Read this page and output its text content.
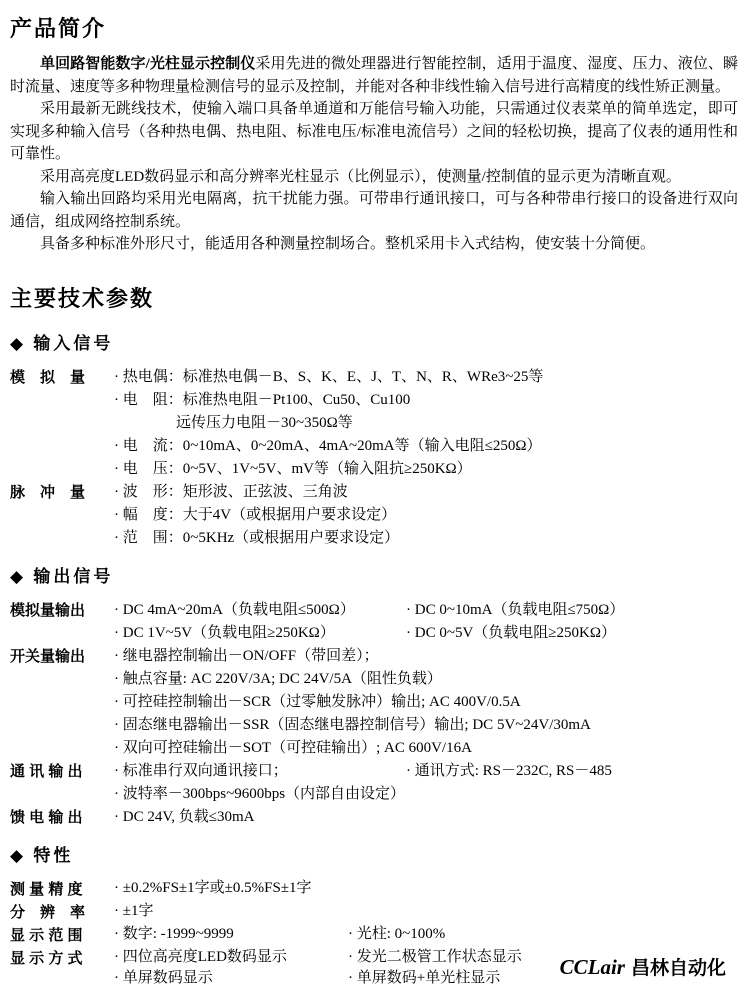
产品简介

单回路智能数字/光柱显示控制仪采用先进的微处理器进行智能控制，适用于温度、湿度、压力、液位、瞬时流量、速度等多种物理量检测信号的显示及控制，并能对各种非线性输入信号进行高精度的线性矫正测量。

采用最新无跳线技术，使输入端口具备单通道和万能信号输入功能，只需通过仪表菜单的简单选定，即可实现多种输入信号（各种热电偶、热电阻、标准电压/标准电流信号）之间的轻松切换，提高了仪表的通用性和可靠性。

采用高亮度LED数码显示和高分辨率光柱显示（比例显示），使测量/控制值的显示更为清晰直观。

输入输出回路均采用光电隔离，抗干扰能力强。可带串行通讯接口，可与各种带串行接口的设备进行双向通信，组成网络控制系统。

具备多种标准外形尺寸，能适用各种测量控制场合。整机采用卡入式结构，使安装十分简便。

主要技术参数
◆ 输入信号
模　拟　量	· 热电偶：标准热电偶－B、S、K、E、J、T、N、R、WRe3~25等
· 电　阻：标准热电阻－Pt100、Cu50、Cu100
远传压力电阻－30~350Ω等
· 电　流：0~10mA、0~20mA、4mA~20mA等（输入电阻≤250Ω）
· 电　压：0~5V、1V~5V、mV等（输入阻抗≥250KΩ）
脉　冲　量	· 波　形：矩形波、正弦波、三角波
· 幅　度：大于4V（或根据用户要求设定）
· 范　围：0~5KHz（或根据用户要求设定）
◆ 输出信号
模拟量输出	· DC 4mA~20mA（负载电阻≤500Ω）	· DC 0~10mA（负载电阻≤750Ω）
· DC 1V~5V（负载电阻≥250KΩ）	· DC 0~5V（负载电阻≥250KΩ）
开关量输出	· 继电器控制输出－ON/OFF（带回差）；
· 触点容量: AC 220V/3A; DC 24V/5A（阻性负载）
· 可控硅控制输出－SCR（过零触发脉冲）输出; AC 400V/0.5A
· 固态继电器输出－SSR（固态继电器控制信号）输出; DC 5V~24V/30mA
· 双向可控硅输出－SOT（可控硅输出）; AC 600V/16A
通 讯 输 出	· 标准串行双向通讯接口；	· 通讯方式: RS－232C, RS－485
· 波特率－300bps~9600bps（内部自由设定）
馈 电 输 出	· DC 24V, 负载≤30mA
◆ 特性
测 量 精 度	· ±0.2%FS±1字或±0.5%FS±1字
分　辨　率	· ±1字
显 示 范 围	· 数字: -1999~9999	· 光柱: 0~100%
显 示 方 式	· 四位高亮度LED数码显示	· 发光二极管工作状态显示
· 单屏数码显示	· 单屏数码+单光柱显示	CCLair 昌林自动化
